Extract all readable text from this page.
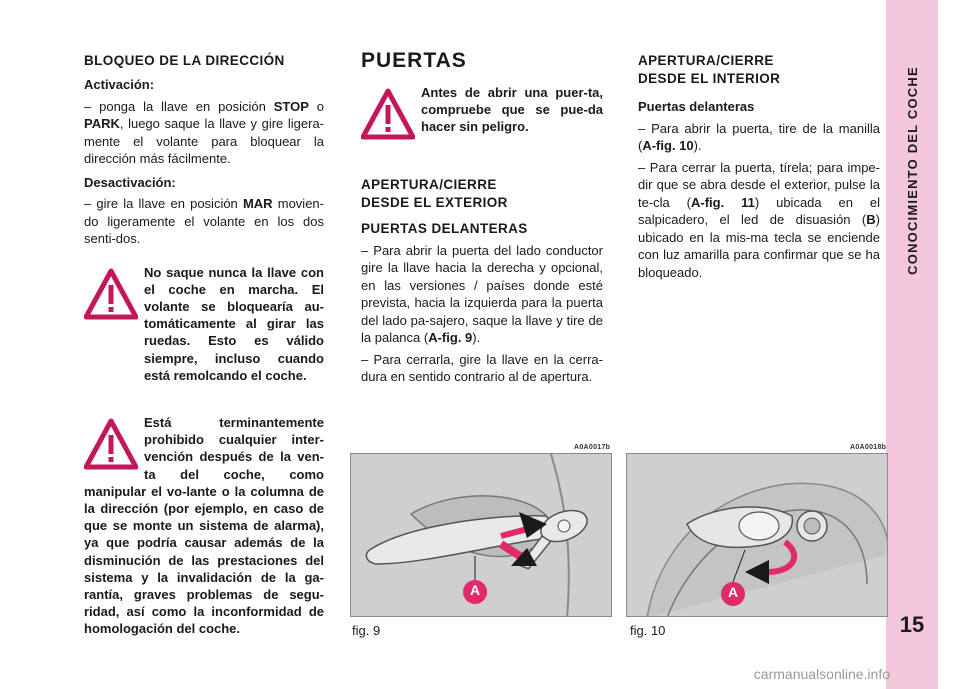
CONOCIMIENTO DEL COCHE
15
BLOQUEO DE LA DIRECCIÓN
Activación:
– ponga la llave en posición STOP o PARK, luego saque la llave y gire ligera-mente el volante para bloquear la dirección más fácilmente.
Desactivación:
– gire la llave en posición MAR movien-do ligeramente el volante en los dos senti-dos.
No saque nunca la llave con el coche en marcha. El volante se bloquearía au-tomáticamente al girar las ruedas. Esto es válido siempre, incluso cuando está remolcando el coche.
Está terminantemente prohibido cualquier inter-vención después de la ven-ta del coche, como manipular el vo-lante o la columna de la dirección (por ejemplo, en caso de que se monte un sistema de alarma), ya que podría causar además de la disminución de las prestaciones del sistema y la invalidación de la ga-rantía, graves problemas de segu-ridad, así como la inconformidad de homologación del coche.
PUERTAS
Antes de abrir una puer-ta, compruebe que se pue-da hacer sin peligro.
APERTURA/CIERRE
DESDE EL EXTERIOR
PUERTAS DELANTERAS
– Para abrir la puerta del lado conductor gire la llave hacia la derecha y opcional, en las versiones / países donde esté prevista, hacia la izquierda para la puerta del lado pa-sajero, saque la llave y tire de la palanca (A-fig. 9).
– Para cerrarla, gire la llave en la cerra-dura en sentido contrario al de apertura.
APERTURA/CIERRE
DESDE EL INTERIOR
Puertas delanteras
– Para abrir la puerta, tire de la manilla (A-fig. 10).
– Para cerrar la puerta, tírela; para impe-dir que se abra desde el exterior, pulse la te-cla (A-fig. 11) ubicada en el salpicadero, el led de disuasión (B) ubicado en la mis-ma tecla se enciende con luz amarilla para confirmar que se ha bloqueado.
A0A0017b
A
fig. 9
A0A0018b
A
fig. 10
carmanualsonline.info
